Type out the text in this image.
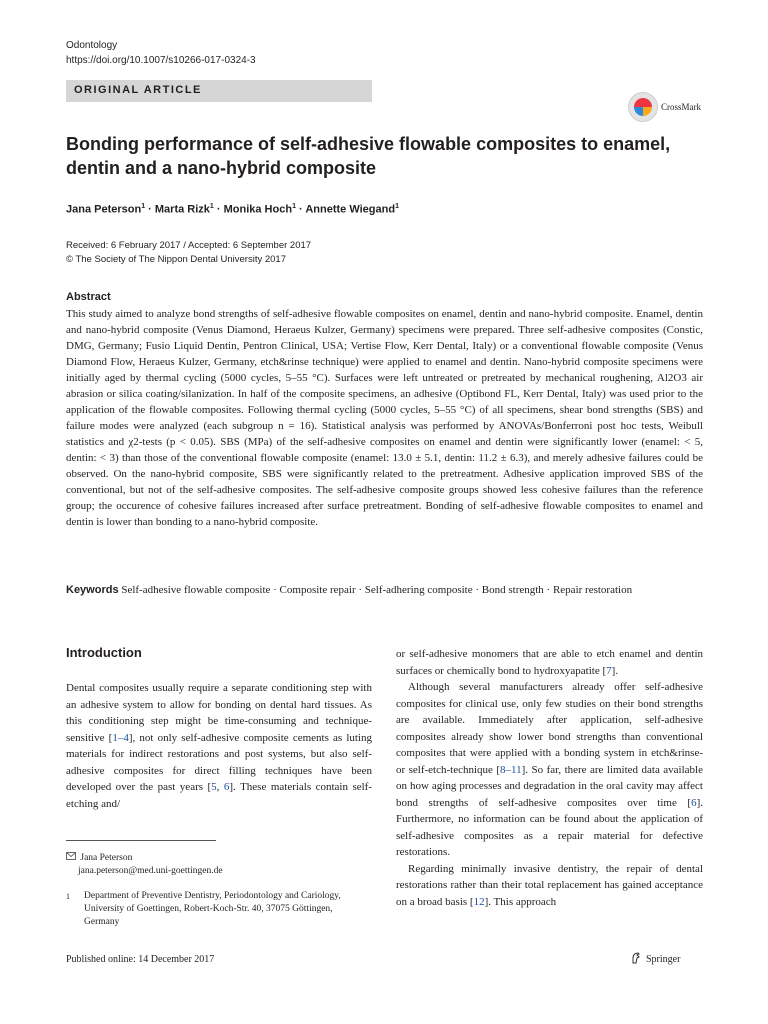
Odontology
https://doi.org/10.1007/s10266-017-0324-3
ORIGINAL ARTICLE
CrossMark
Bonding performance of self-adhesive flowable composites to enamel, dentin and a nano-hybrid composite
Jana Peterson$^1$ · Marta Rizk$^1$ · Monika Hoch$^1$ · Annette Wiegand$^1$
Received: 6 February 2017 / Accepted: 6 September 2017
© The Society of The Nippon Dental University 2017
Abstract
This study aimed to analyze bond strengths of self-adhesive flowable composites on enamel, dentin and nano-hybrid composite. Enamel, dentin and nano-hybrid composite (Venus Diamond, Heraeus Kulzer, Germany) specimens were prepared. Three self-adhesive composites (Constic, DMG, Germany; Fusio Liquid Dentin, Pentron Clinical, USA; Vertise Flow, Kerr Dental, Italy) or a conventional flowable composite (Venus Diamond Flow, Heraeus Kulzer, Germany, etch&rinse technique) were applied to enamel and dentin. Nano-hybrid composite specimens were initially aged by thermal cycling (5000 cycles, 5–55 °C). Surfaces were left untreated or pretreated by mechanical roughening, Al2O3 air abrasion or silica coating/silanization. In half of the composite specimens, an adhesive (Optibond FL, Kerr Dental, Italy) was used prior to the application of the flowable composites. Following thermal cycling (5000 cycles, 5–55 °C) of all specimens, shear bond strengths (SBS) and failure modes were analyzed (each subgroup n = 16). Statistical analysis was performed by ANOVAs/Bonferroni post hoc tests, Weibull statistics and χ2-tests (p < 0.05). SBS (MPa) of the self-adhesive composites on enamel and dentin were significantly lower (enamel: < 5, dentin: < 3) than those of the conventional flowable composite (enamel: 13.0 ± 5.1, dentin: 11.2 ± 6.3), and merely adhesive failures could be observed. On the nano-hybrid composite, SBS were significantly related to the pretreatment. Adhesive application improved SBS of the conventional, but not of the self-adhesive composites. The self-adhesive composite groups showed less cohesive failures than the reference group; the occurence of cohesive failures increased after surface pretreatment. Bonding of self-adhesive flowable composites to enamel and dentin is lower than bonding to a nano-hybrid composite.
Keywords Self-adhesive flowable composite · Composite repair · Self-adhering composite · Bond strength · Repair restoration
Introduction

Dental composites usually require a separate conditioning step with an adhesive system to allow for bonding on dental hard tissues. As this conditioning step might be time-consuming and technique-sensitive [1–4], not only self-adhesive composite cements as luting materials for indirect restorations and post systems, but also self-adhesive composites for direct filling techniques have been developed over the past years [5, 6]. These materials contain self-etching and/

or self-adhesive monomers that are able to etch enamel and dentin surfaces or chemically bond to hydroxyapatite [7].

Although several manufacturers already offer self-adhesive composites for clinical use, only few studies on their bond strengths are available. Immediately after application, self-adhesive composites already show lower bond strengths than conventional composites that were applied with a bonding system in etch&rinse- or self-etch-technique [8–11]. So far, there are limited data available on how aging processes and degradation in the oral cavity may affect bond strengths of self-adhesive composites over time [6]. Furthermore, no information can be found about the application of self-adhesive composites as a repair material for defective restorations.

Regarding minimally invasive dentistry, the repair of dental restorations rather than their total replacement has gained acceptance on a broad basis [12]. This approach

Jana Peterson
jana.peterson@med.uni-goettingen.de
1	Department of Preventive Dentistry, Periodontology and Cariology, University of Goettingen, Robert-Koch-Str. 40, 37075 Göttingen, Germany
Published online: 14 December 2017	Springer
